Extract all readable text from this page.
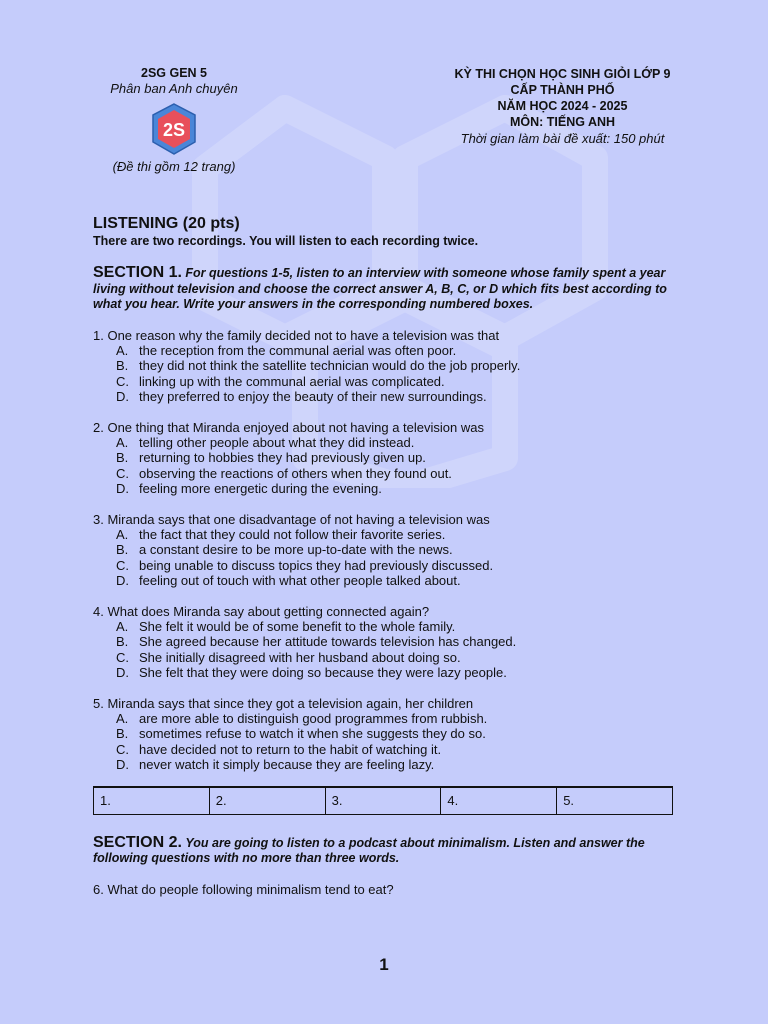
2SG GEN 5
Phân ban Anh chuyên
2S
(Đề thi gồm 12 trang)
KỲ THI CHỌN HỌC SINH GIỎI LỚP 9
CẤP THÀNH PHỐ
NĂM HỌC 2024 - 2025
MÔN: TIẾNG ANH
Thời gian làm bài đề xuất: 150 phút
LISTENING (20 pts)
There are two recordings. You will listen to each recording twice.
SECTION 1. For questions 1-5, listen to an interview with someone whose family spent a year living without television and choose the correct answer A, B, C, or D which fits best according to what you hear. Write your answers in the corresponding numbered boxes.
1. One reason why the family decided not to have a television was that
A. the reception from the communal aerial was often poor.
B. they did not think the satellite technician would do the job properly.
C. linking up with the communal aerial was complicated.
D. they preferred to enjoy the beauty of their new surroundings.
2. One thing that Miranda enjoyed about not having a television was
A. telling other people about what they did instead.
B. returning to hobbies they had previously given up.
C. observing the reactions of others when they found out.
D. feeling more energetic during the evening.
3. Miranda says that one disadvantage of not having a television was
A. the fact that they could not follow their favorite series.
B. a constant desire to be more up-to-date with the news.
C. being unable to discuss topics they had previously discussed.
D. feeling out of touch with what other people talked about.
4. What does Miranda say about getting connected again?
A. She felt it would be of some benefit to the whole family.
B. She agreed because her attitude towards television has changed.
C. She initially disagreed with her husband about doing so.
D. She felt that they were doing so because they were lazy people.
5. Miranda says that since they got a television again, her children
A. are more able to distinguish good programmes from rubbish.
B. sometimes refuse to watch it when she suggests they do so.
C. have decided not to return to the habit of watching it.
D. never watch it simply because they are feeling lazy.
1.	2.	3.	4.	5.
SECTION 2. You are going to listen to a podcast about minimalism. Listen and answer the following questions with no more than three words.
6. What do people following minimalism tend to eat?
1
